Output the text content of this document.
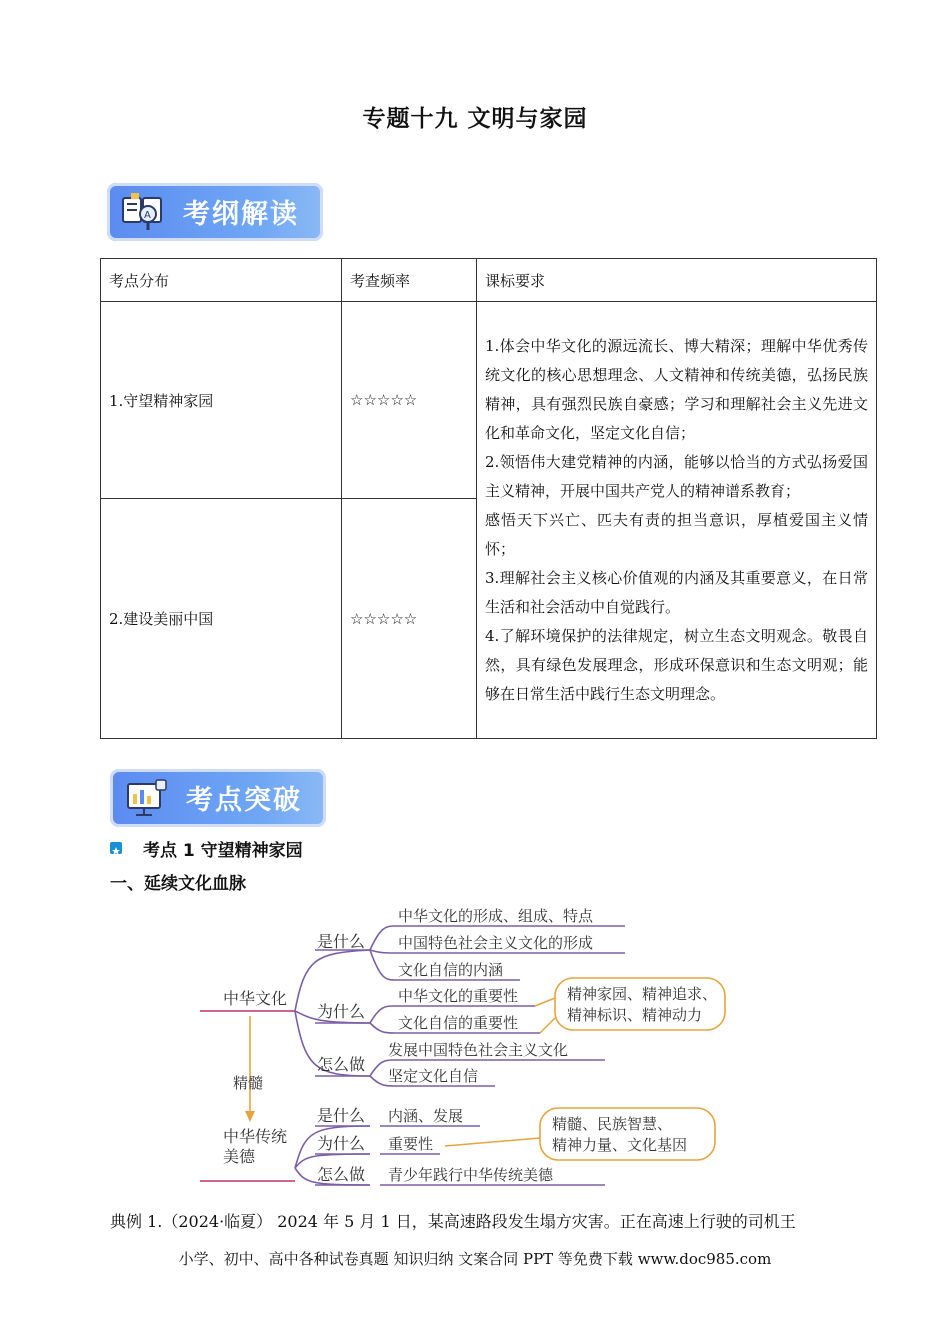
专题十九 文明与家园
A 考纲解读
考点分布	考查频率	课标要求
1.守望精神家园	☆☆☆☆☆	1.体会中华文化的源远流长、博大精深；理解中华优秀传统文化的核心思想理念、人文精神和传统美德，弘扬民族精神，具有强烈民族自豪感；学习和理解社会主义先进文化和革命文化，坚定文化自信；

2.领悟伟大建党精神的内涵，能够以恰当的方式弘扬爱国主义精神，开展中国共产党人的精神谱系教育；

感悟天下兴亡、匹夫有责的担当意识，厚植爱国主义情怀；

3.理解社会主义核心价值观的内涵及其重要意义，在日常生活和社会活动中自觉践行。

4.了解环境保护的法律规定，树立生态文明观念。敬畏自然，具有绿色发展理念，形成环保意识和生态文明观；能够在日常生活中践行生态文明理念。

2.建设美丽中国	☆☆☆☆☆	
考点突破
考点 1 守望精神家园
一、延续文化血脉
中华文化
是什么
为什么
怎么做
中华文化的形成、组成、特点
中国特色社会主义文化的形成
文化自信的内涵
中华文化的重要性
文化自信的重要性
精神家园、精神追求、
精神标识、精神动力
发展中国特色社会主义文化
坚定文化自信
精髓
中华传统
美德
是什么
为什么
怎么做
内涵、发展
重要性
青少年践行中华传统美德
精髓、民族智慧、
精神力量、文化基因
典例 1.（2024·临夏） 2024 年 5 月 1 日，某高速路段发生塌方灾害。正在高速上行驶的司机王
小学、初中、高中各种试卷真题 知识归纳 文案合同 PPT 等免费下载 www.doc985.com
